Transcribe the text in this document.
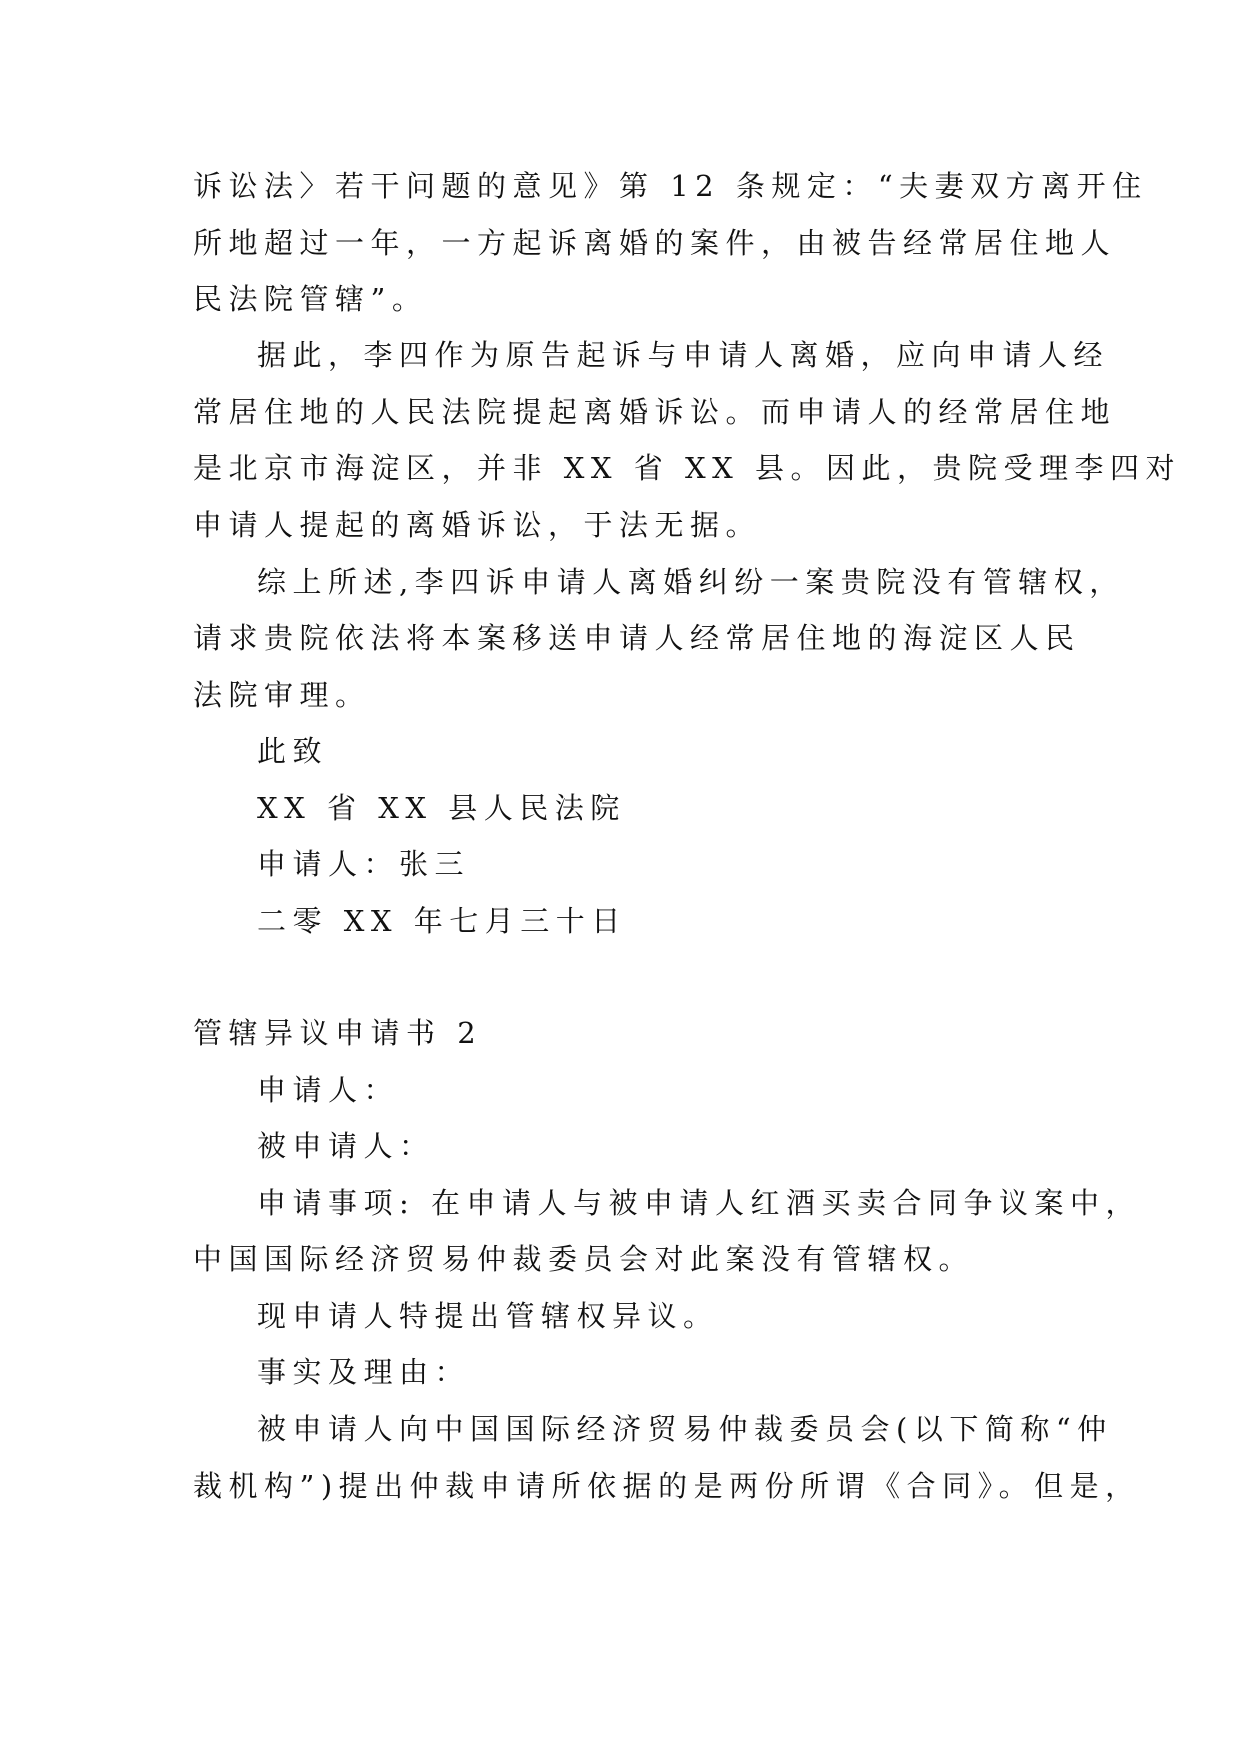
诉讼法〉若干问题的意见》第 12 条规定：“夫妻双方离开住
所地超过一年，一方起诉离婚的案件，由被告经常居住地人
民法院管辖”。
据此，李四作为原告起诉与申请人离婚，应向申请人经
常居住地的人民法院提起离婚诉讼。而申请人的经常居住地
是北京市海淀区，并非 XX 省 XX 县。因此，贵院受理李四对
申请人提起的离婚诉讼，于法无据。
综上所述,李四诉申请人离婚纠纷一案贵院没有管辖权，
请求贵院依法将本案移送申请人经常居住地的海淀区人民
法院审理。
此致
XX 省 XX 县人民法院
申请人：张三
二零 XX 年七月三十日
管辖异议申请书 2
申请人：
被申请人：
申请事项: 在申请人与被申请人红酒买卖合同争议案中，
中国国际经济贸易仲裁委员会对此案没有管辖权。
现申请人特提出管辖权异议。
事实及理由：
被申请人向中国国际经济贸易仲裁委员会(以下简称“仲
裁机构”)提出仲裁申请所依据的是两份所谓《合同》。但是，
